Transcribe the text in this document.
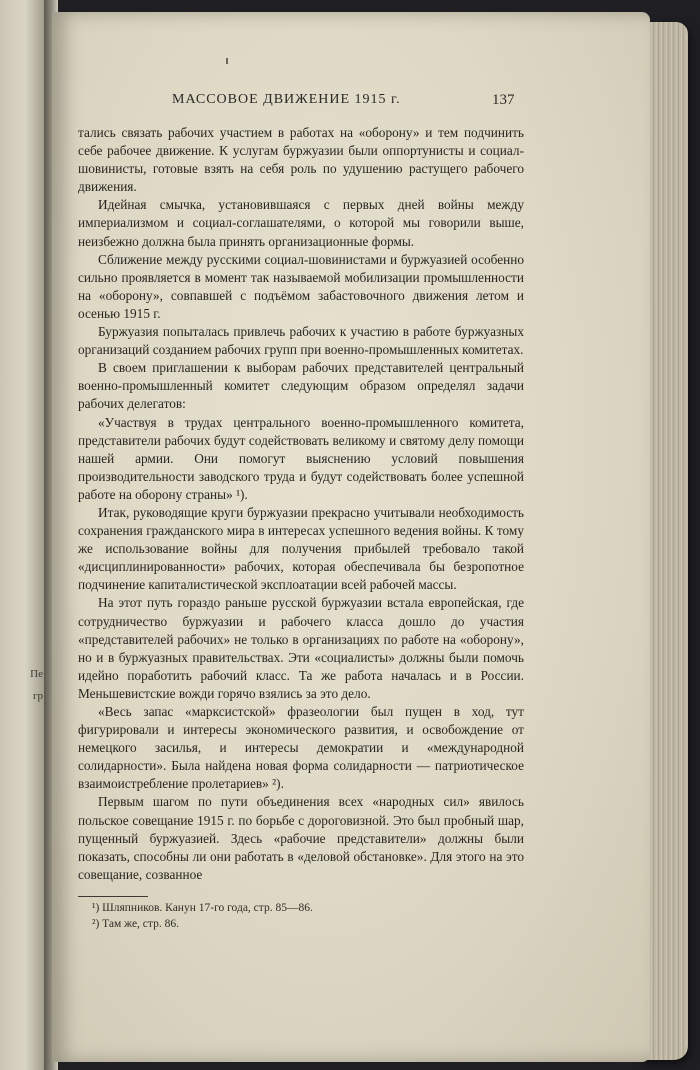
Пе
гр
МАССОВОЕ ДВИЖЕНИЕ 1915 г.	137

тались связать рабочих участием в работах на «оборону» и тем подчинить себе рабочее движение. К услугам буржуазии были оппортунисты и социал-шовинисты, готовые взять на себя роль по удушению растущего рабочего движения.

Идейная смычка, установившаяся с первых дней войны между империализмом и социал-соглашателями, о которой мы говорили выше, неизбежно должна была принять организационные формы.

Сближение между русскими социал-шовинистами и буржуазией особенно сильно проявляется в момент так называемой мобилизации промышленности на «оборону», совпавшей с подъёмом забастовочного движения летом и осенью 1915 г.

Буржуазия попыталась привлечь рабочих к участию в работе буржуазных организаций созданием рабочих групп при военно-промышленных комитетах.

В своем приглашении к выборам рабочих представителей центральный военно-промышленный комитет следующим образом определял задачи рабочих делегатов:

«Участвуя в трудах центрального военно-промышленного комитета, представители рабочих будут содействовать великому и святому делу помощи нашей армии. Они помогут выяснению условий повышения производительности заводского труда и будут содействовать более успешной работе на оборону страны» ¹).

Итак, руководящие круги буржуазии прекрасно учитывали необходимость сохранения гражданского мира в интересах успешного ведения войны. К тому же использование войны для получения прибылей требовало такой «дисциплинированности» рабочих, которая обеспечивала бы безропотное подчинение капиталистической эксплоатации всей рабочей массы.

На этот путь гораздо раньше русской буржуазии встала европейская, где сотрудничество буржуазии и рабочего класса дошло до участия «представителей рабочих» не только в организациях по работе на «оборону», но и в буржуазных правительствах. Эти «социалисты» должны были помочь идейно поработить рабочий класс. Та же работа началась и в России. Меньшевистские вожди горячо взялись за это дело.

«Весь запас «марксистской» фразеологии был пущен в ход, тут фигурировали и интересы экономического развития, и освобождение от немецкого засилья, и интересы демократии и «международной солидарности». Была найдена новая форма солидарности — патриотическое взаимоистребление пролетариев» ²).

Первым шагом по пути объединения всех «народных сил» явилось польское совещание 1915 г. по борьбе с дороговизной. Это был пробный шар, пущенный буржуазией. Здесь «рабочие представители» должны были показать, способны ли они работать в «деловой обстановке». Для этого на это совещание, созванное

¹) Шляпников. Канун 17-го года, стр. 85—86.

²) Там же, стр. 86.
